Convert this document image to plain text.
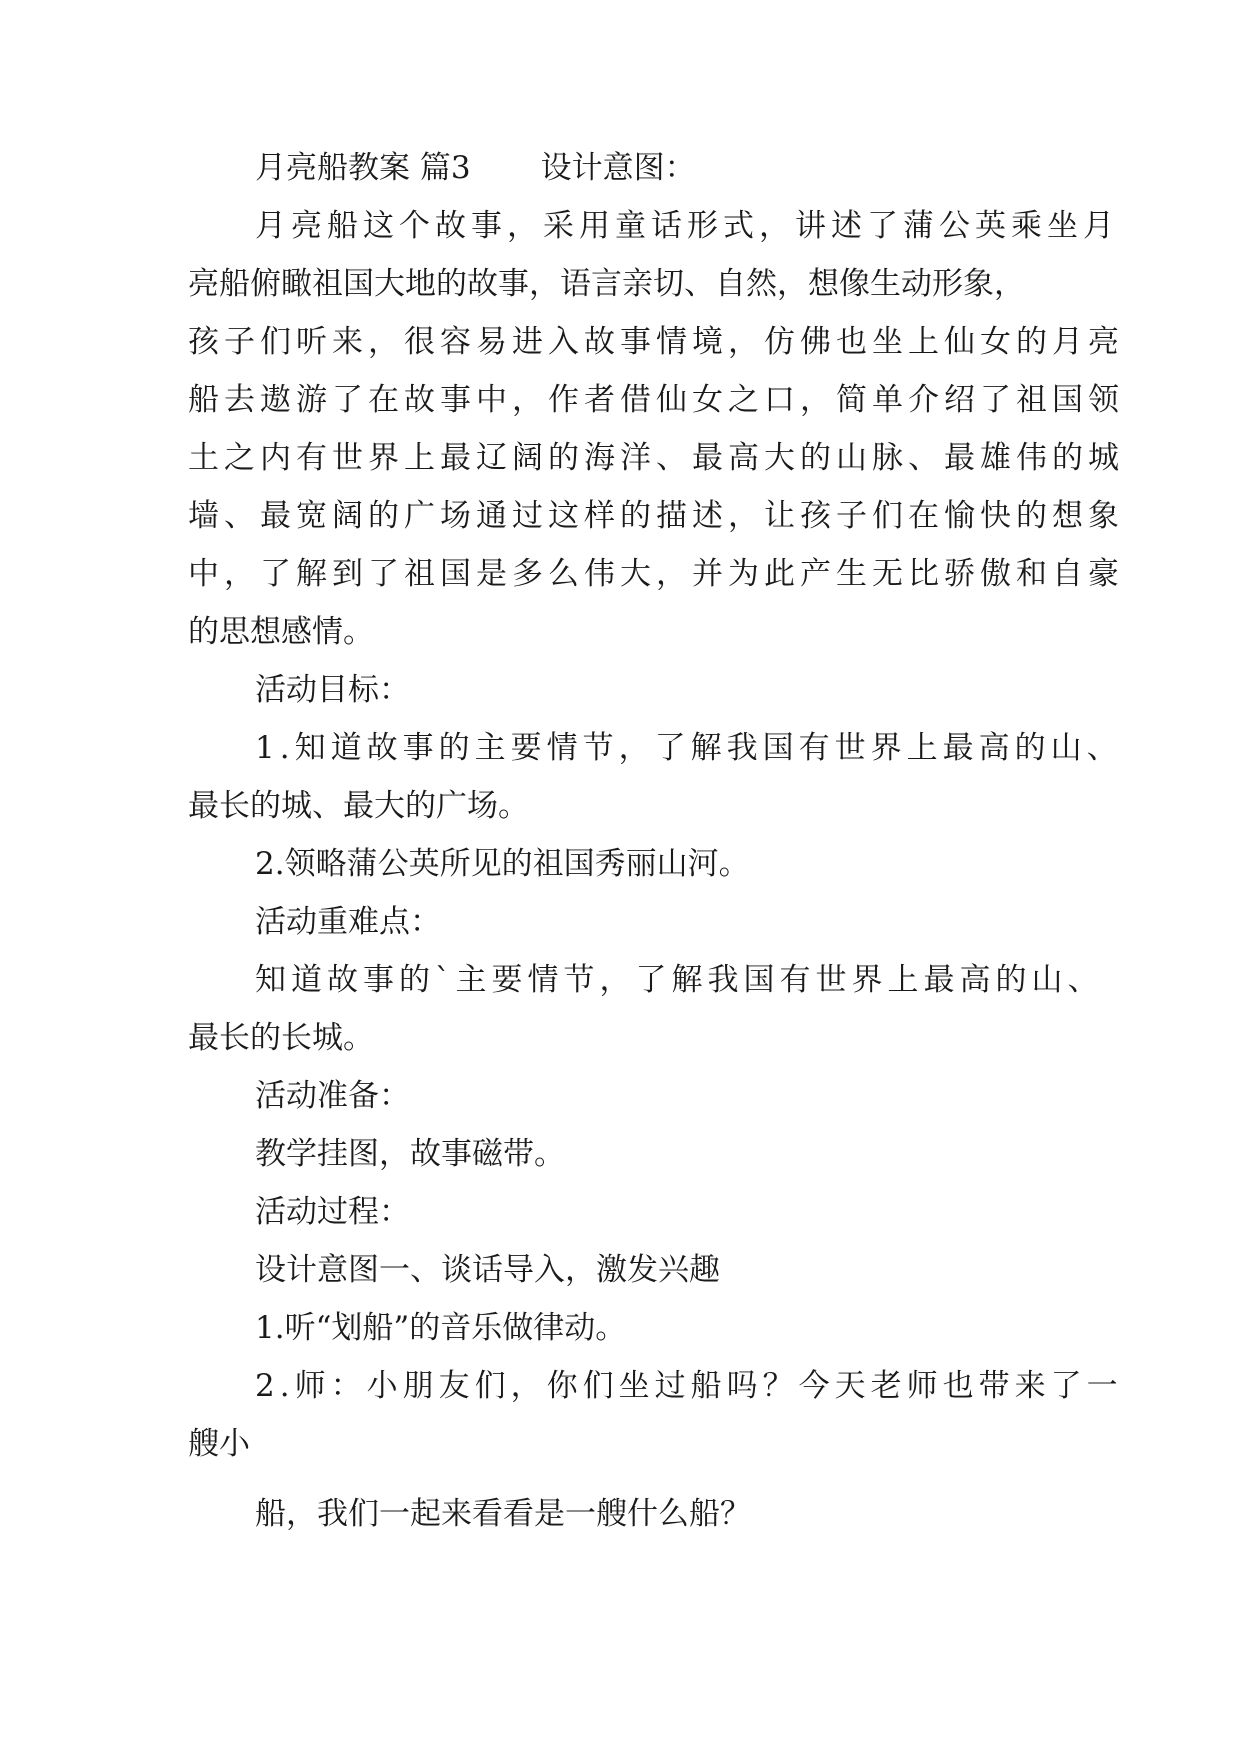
月亮船教案 篇3 设计意图：

月亮船这个故事，采用童话形式，讲述了蒲公英乘坐月

亮船俯瞰祖国大地的故事，语言亲切、自然，想像生动形象，

孩子们听来，很容易进入故事情境，仿佛也坐上仙女的月亮

船去遨游了在故事中，作者借仙女之口，简单介绍了祖国领

土之内有世界上最辽阔的海洋、最高大的山脉、最雄伟的城

墙、最宽阔的广场通过这样的描述，让孩子们在愉快的想象

中，了解到了祖国是多么伟大，并为此产生无比骄傲和自豪

的思想感情。

活动目标：

1.知道故事的主要情节，了解我国有世界上最高的山、

最长的城、最大的广场。

2.领略蒲公英所见的祖国秀丽山河。

活动重难点：

知道故事的`主要情节，了解我国有世界上最高的山、

最长的长城。

活动准备：

教学挂图，故事磁带。

活动过程：

设计意图一、谈话导入，激发兴趣

1.听“划船”的音乐做律动。

2.师：小朋友们，你们坐过船吗？今天老师也带来了一

艘小

船，我们一起来看看是一艘什么船？
